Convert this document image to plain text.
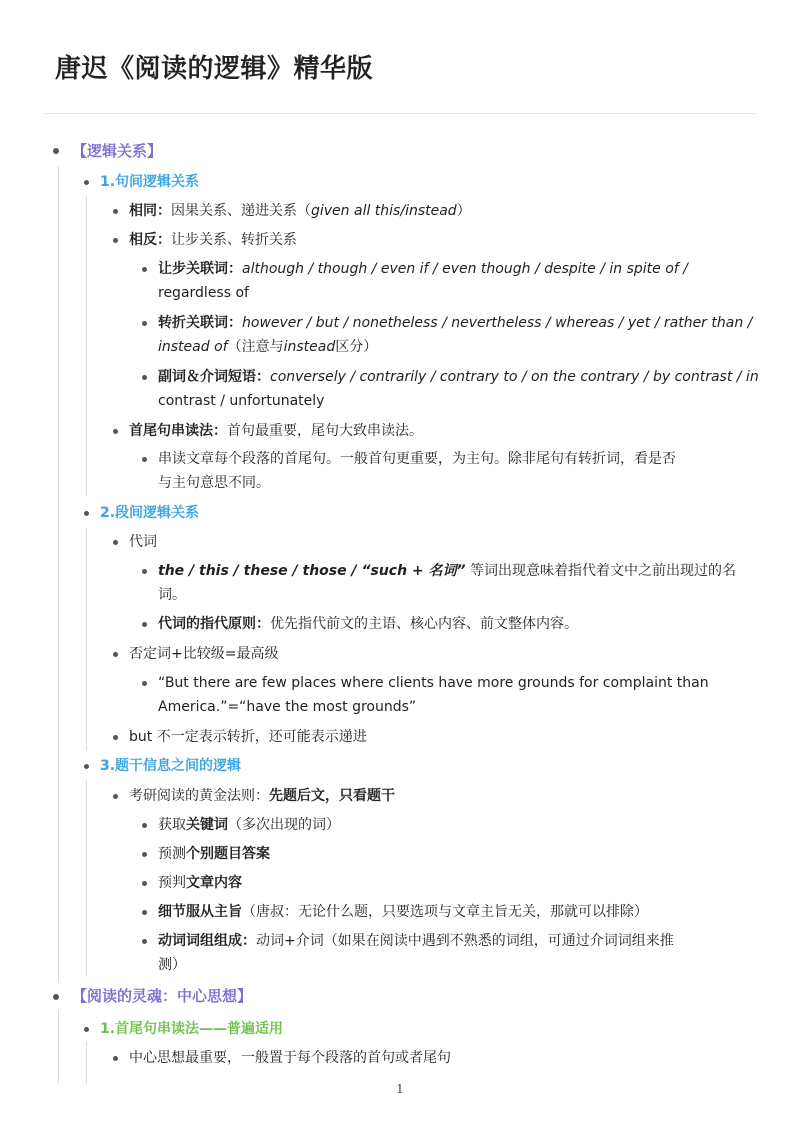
唐迟《阅读的逻辑》精华版
【逻辑关系】
1.句间逻辑关系
相同：因果关系、递进关系（given all this/instead）
相反：让步关系、转折关系
让步关联词：although / though / even if / even though / despite / in spite of /
regardless of
转折关联词：however / but / nonetheless / nevertheless / whereas / yet / rather than /
instead of（注意与instead区分）
副词＆介词短语：conversely / contrarily / contrary to / on the contrary / by contrast / in
contrast / unfortunately
首尾句串读法：首句最重要，尾句大致串读法。
串读文章每个段落的首尾句。一般首句更重要，为主句。除非尾句有转折词，看是否
与主句意思不同。
2.段间逻辑关系
代词
the / this / these / those / “such + 名词” 等词出现意味着指代着文中之前出现过的名
词。
代词的指代原则：优先指代前文的主语、核心内容、前文整体内容。
否定词+比较级=最高级
“But there are few places where clients have more grounds for complaint than
America.”=“have the most grounds”
but 不一定表示转折，还可能表示递进
3.题干信息之间的逻辑
考研阅读的黄金法则：先题后文，只看题干
获取关键词（多次出现的词）
预测个别题目答案
预判文章内容
细节服从主旨（唐叔：无论什么题，只要选项与文章主旨无关，那就可以排除）
动词词组组成：动词+介词（如果在阅读中遇到不熟悉的词组，可通过介词词组来推
测）
【阅读的灵魂：中心思想】
1.首尾句串读法——普遍适用
中心思想最重要，一般置于每个段落的首句或者尾句
1
